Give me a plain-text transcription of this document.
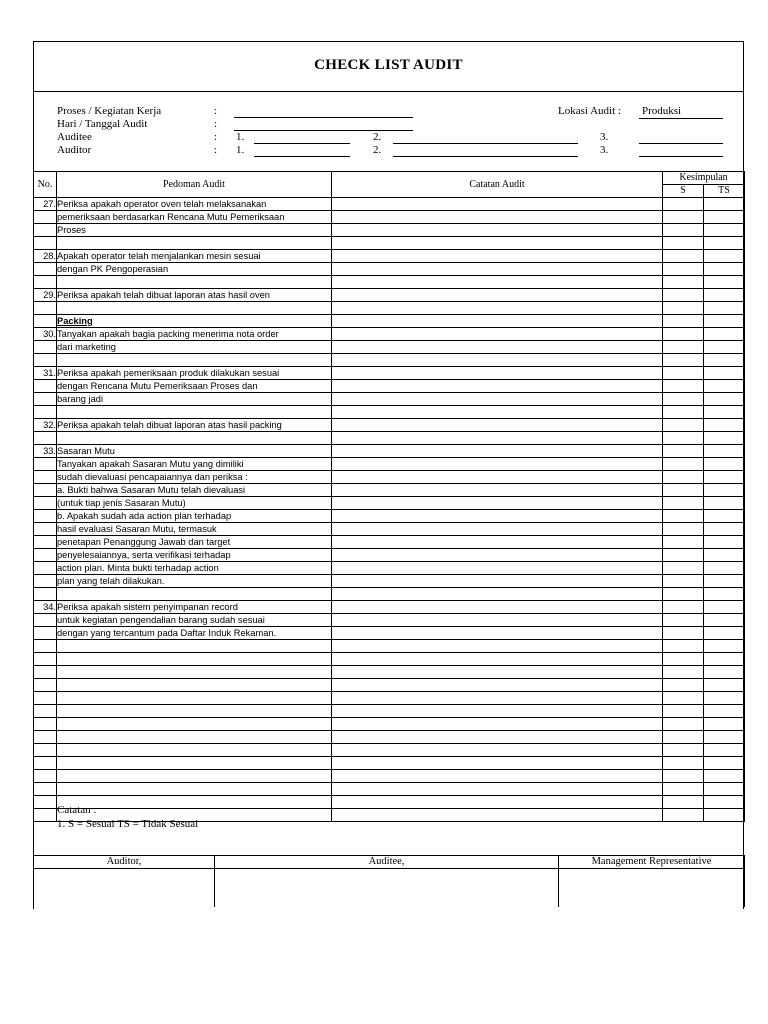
CHECK LIST AUDIT
Proses / Kegiatan Kerja	:
Hari / Tanggal Audit	:
Auditee	: 1.	2.	3.
Auditor	: 1.	2.	3.
Lokasi Audit : Produksi
No.	Pedoman Audit	Catatan Audit	Kesimpulan	
			S	TS
27.	Periksa apakah operator oven telah melaksanakan			
	pemeriksaan berdasarkan Rencana Mutu Pemeriksaan			
	Proses			

28.	Apakah operator telah menjalankan mesin sesuai			
	dengan PK Pengoperasian			

29.	Periksa apakah telah dibuat laporan atas hasil oven			

	Packing			
30.	Tanyakan apakah bagia packing menerima nota order			
	dari marketing			

31.	Periksa apakah pemeriksaan produk dilakukan sesuai			
	dengan Rencana Mutu Pemeriksaan Proses dan			
	barang jadi			

32.	Periksa apakah telah dibuat laporan atas hasil packing			

33.	Sasaran Mutu			
	Tanyakan apakah Sasaran Mutu yang dimiliki			
	sudah dievaluasi pencapaiannya dan periksa :			
	a. Bukti bahwa Sasaran Mutu telah dievaluasi			
	(untuk tiap jenis Sasaran Mutu)			
	b. Apakah sudah ada action plan terhadap			
	hasil evaluasi Sasaran Mutu, termasuk			
	penetapan Penanggung Jawab dan target			
	penyelesaiannya, serta verifikasi terhadap			
	action plan. Minta bukti terhadap action			
	plan yang telah dilakukan.			

34.	Periksa apakah sistem penyimpanan record			
	untuk kegiatan pengendalian barang sudah sesuai			
	dengan yang tercantum pada Daftar Induk Rekaman.			

Catatan :
1. S = Sesuai TS = Tidak Sesuai
Auditor,	Auditee,	Management Representative
